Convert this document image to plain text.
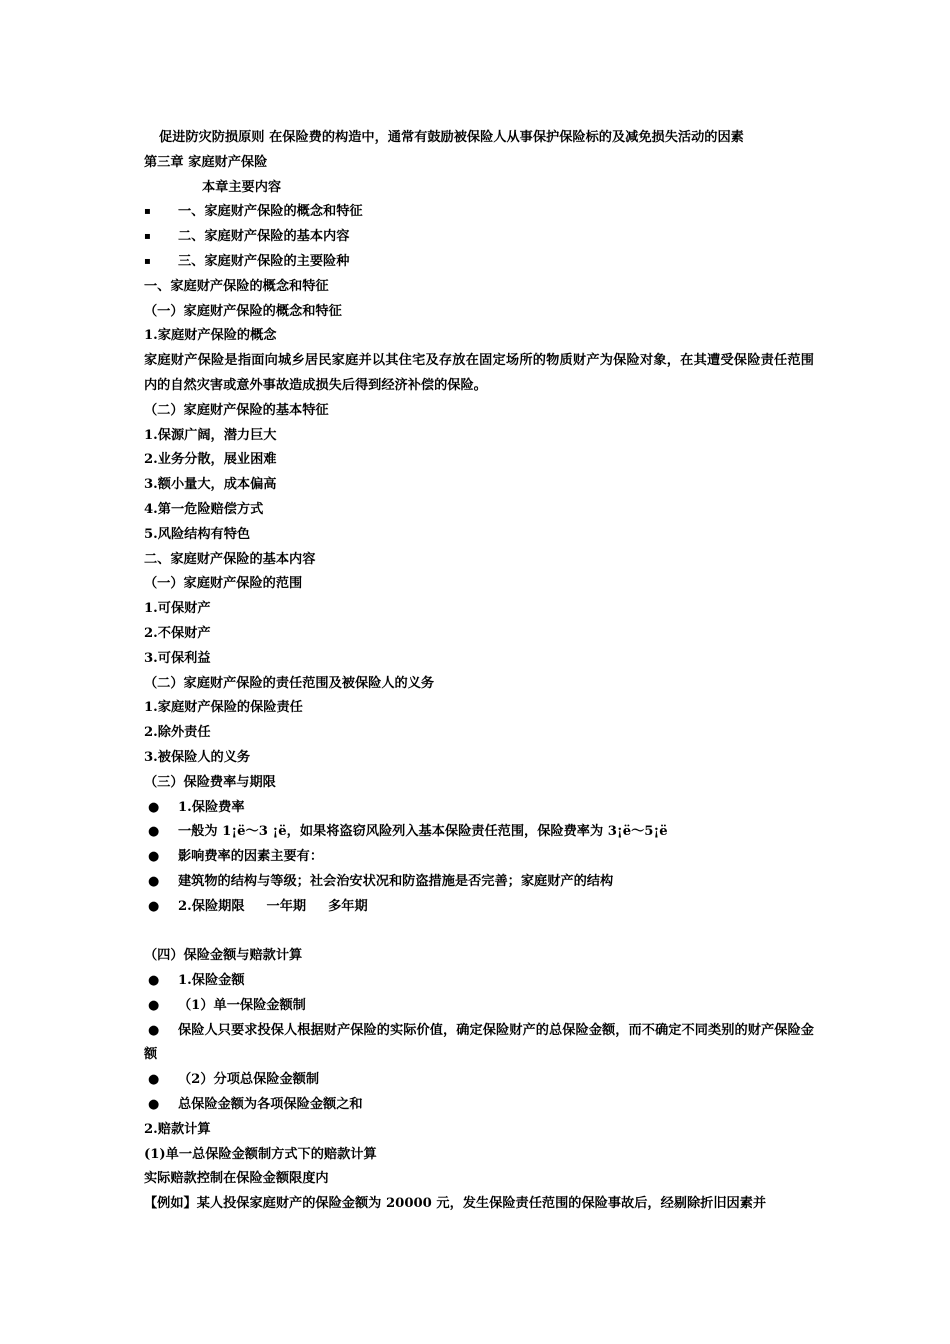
促进防灾防损原则 在保险费的构造中，通常有鼓励被保险人从事保护保险标的及减免损失活动的因素
第三章 家庭财产保险
本章主要内容
▪ 一、家庭财产保险的概念和特征
▪ 二、家庭财产保险的基本内容
▪ 三、家庭财产保险的主要险种
一、家庭财产保险的概念和特征
（一）家庭财产保险的概念和特征
1.家庭财产保险的概念
家庭财产保险是指面向城乡居民家庭并以其住宅及存放在固定场所的物质财产为保险对象，在其遭受保险责任范围内的自然灾害或意外事故造成损失后得到经济补偿的保险。
（二）家庭财产保险的基本特征
1.保源广阔，潜力巨大
2.业务分散，展业困难
3.额小量大，成本偏高
4.第一危险赔偿方式
5.风险结构有特色
二、家庭财产保险的基本内容
（一）家庭财产保险的范围
1.可保财产
2.不保财产
3.可保利益
（二）家庭财产保险的责任范围及被保险人的义务
1.家庭财产保险的保险责任
2.除外责任
3.被保险人的义务
（三）保险费率与期限
● 1.保险费率
● 一般为 1¡ë～3 ¡ë，如果将盗窃风险列入基本保险责任范围，保险费率为 3¡ë～5¡ë
● 影响费率的因素主要有：
● 建筑物的结构与等级；社会治安状况和防盗措施是否完善；家庭财产的结构
● 2.保险期限 一年期 多年期
（四）保险金额与赔款计算
● 1.保险金额
● （1）单一保险金额制
● 保险人只要求投保人根据财产保险的实际价值，确定保险财产的总保险金额，而不确定不同类别的财产保险金额
● （2）分项总保险金额制
● 总保险金额为各项保险金额之和
2.赔款计算
(1)单一总保险金额制方式下的赔款计算
实际赔款控制在保险金额限度内
【例如】某人投保家庭财产的保险金额为 20000 元，发生保险责任范围的保险事故后，经剔除折旧因素并
